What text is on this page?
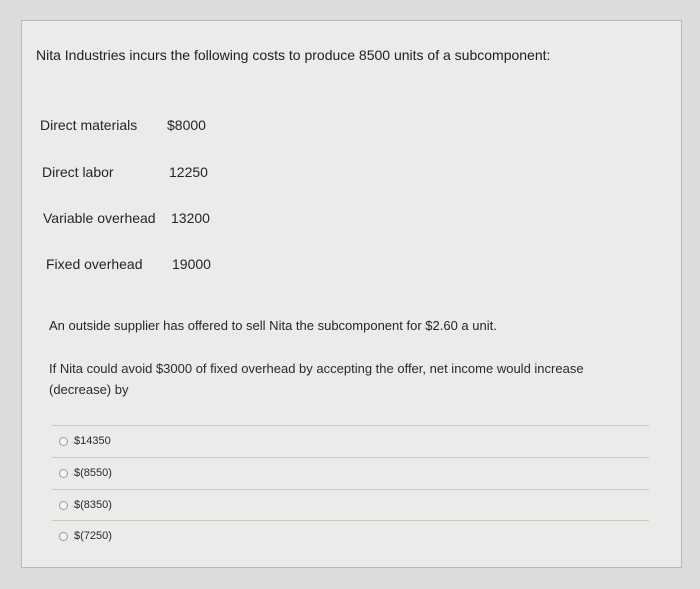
Nita Industries incurs the following costs to produce 8500 units of a subcomponent:
Direct materials $8000
Direct labor	12250
Variable overhead 13200
Fixed overhead 19000
An outside supplier has offered to sell Nita the subcomponent for $2.60 a unit.
If Nita could avoid $3000 of fixed overhead by accepting the offer, net income would increase (decrease) by
$14350
$(8550)
$(8350)
$(7250)
